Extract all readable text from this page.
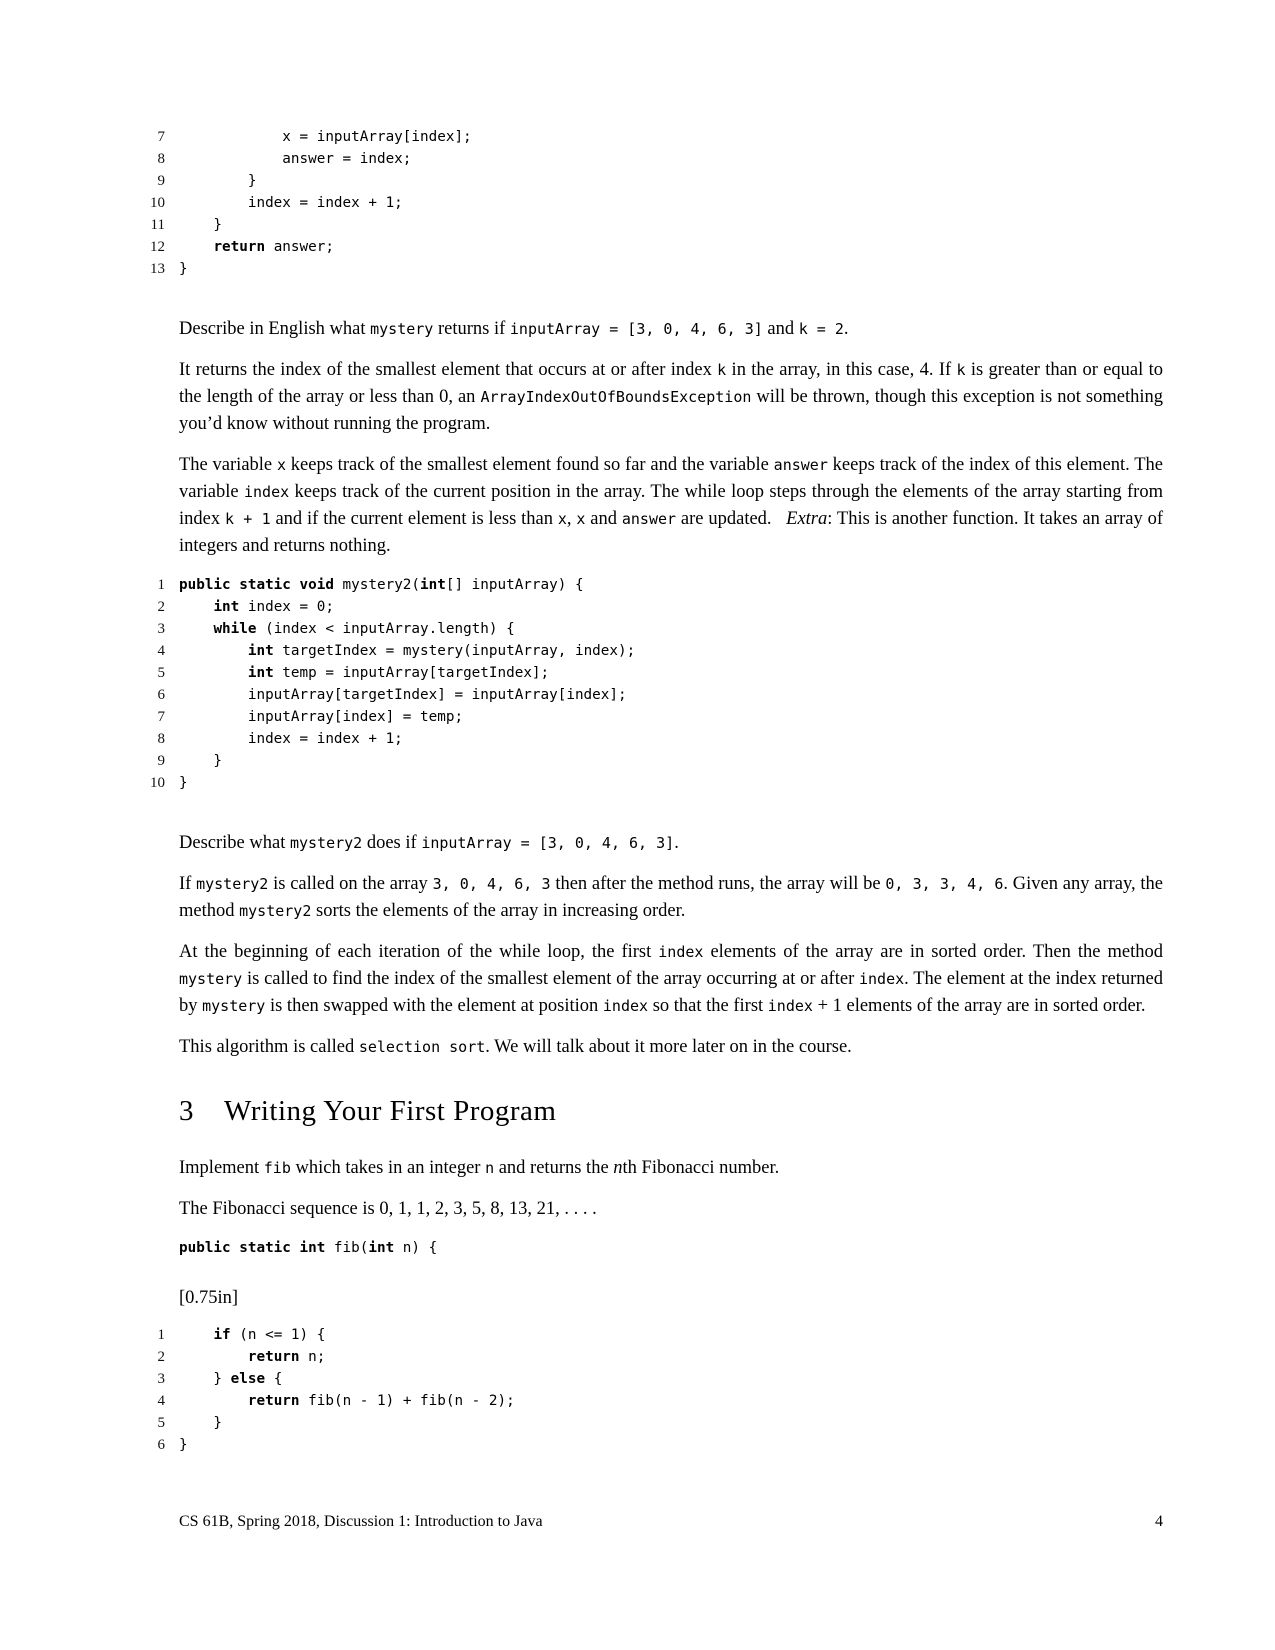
7            x = inputArray[index];
8            answer = index;
9        }
10        index = index + 1;
11    }
12	return answer;
13 }

Describe in English what mystery returns if inputArray = [3, 0, 4, 6, 3] and k = 2.

It returns the index of the smallest element that occurs at or after index k in the array, in this case, 4. If k is greater than or equal to the length of the array or less than 0, an ArrayIndexOutOfBoundsException will be thrown, though this exception is not something you’d know without running the program.

The variable x keeps track of the smallest element found so far and the variable answer keeps track of the index of this element. The variable index keeps track of the current position in the array. The while loop steps through the elements of the array starting from index k + 1 and if the current element is less than x, x and answer are updated.   Extra: This is another function. It takes an array of integers and returns nothing.

1 public static void mystery2(int[] inputArray) {
2	int index = 0;
3	while (index < inputArray.length) {
4	int targetIndex = mystery(inputArray, index);
5	int temp = inputArray[targetIndex];
6        inputArray[targetIndex] = inputArray[index];
7        inputArray[index] = temp;
8        index = index + 1;
9    }
10 }

Describe what mystery2 does if inputArray = [3, 0, 4, 6, 3].

If mystery2 is called on the array 3, 0, 4, 6, 3 then after the method runs, the array will be 0, 3, 3, 4, 6. Given any array, the method mystery2 sorts the elements of the array in increasing order.

At the beginning of each iteration of the while loop, the first index elements of the array are in sorted order. Then the method mystery is called to find the index of the smallest element of the array occurring at or after index. The element at the index returned by mystery is then swapped with the element at position index so that the first index + 1 elements of the array are in sorted order.

This algorithm is called selection sort. We will talk about it more later on in the course.

3 Writing Your First Program

Implement fib which takes in an integer n and returns the nth Fibonacci number.

The Fibonacci sequence is 0, 1, 1, 2, 3, 5, 8, 13, 21, . . . .

public static int fib(int n) {
[0.75in]
1	if (n <= 1) {
2	return n;
3    } else {
4	return fib(n - 1) + fib(n - 2);
5    }
6 }
CS 61B, Spring 2018, Discussion 1: Introduction to Java	4
